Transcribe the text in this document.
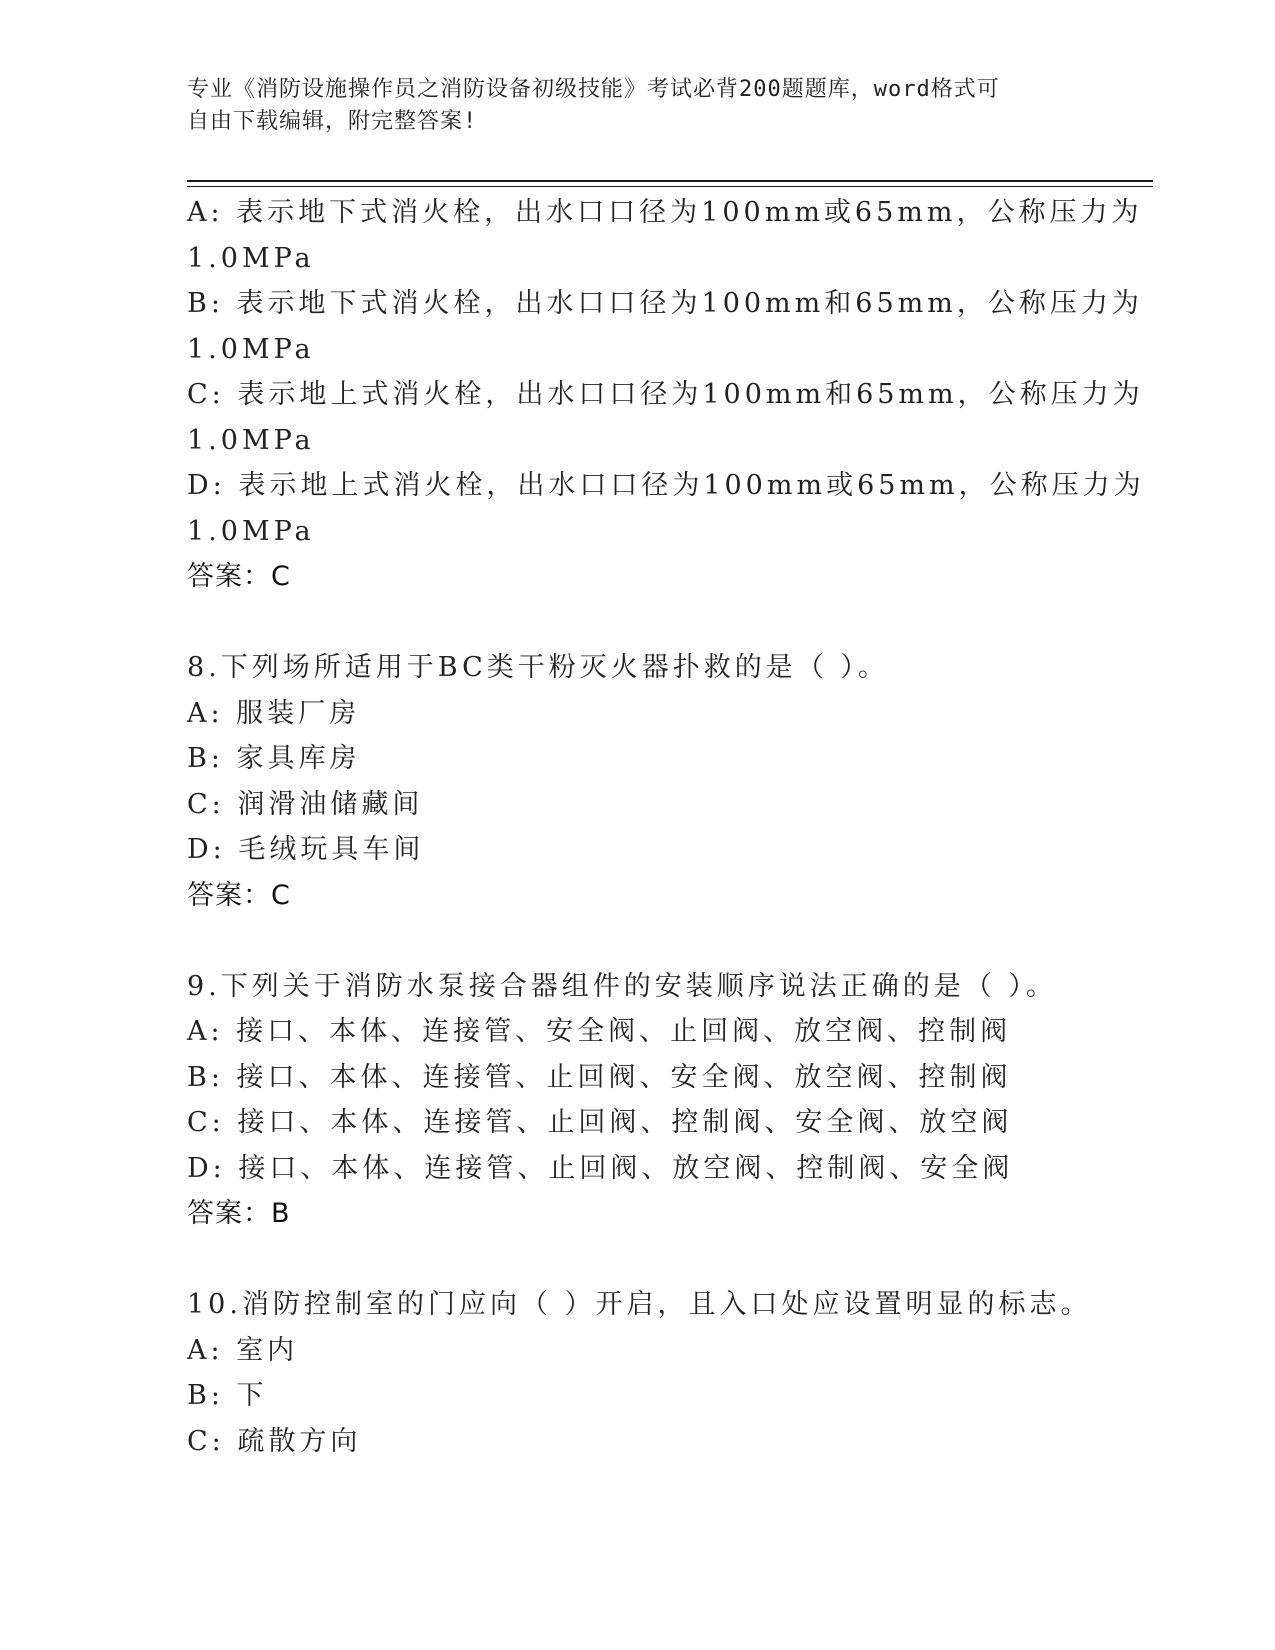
专业《消防设施操作员之消防设备初级技能》考试必背200题题库，word格式可
自由下载编辑，附完整答案!
A: 表示地下式消火栓，出水口口径为100mm或65mm，公称压力为
1.0MPa
B: 表示地下式消火栓，出水口口径为100mm和65mm，公称压力为
1.0MPa
C: 表示地上式消火栓，出水口口径为100mm和65mm，公称压力为
1.0MPa
D: 表示地上式消火栓，出水口口径为100mm或65mm，公称压力为
1.0MPa
答案：C
8.下列场所适用于BC类干粉灭火器扑救的是（ ）。
A: 服装厂房
B: 家具库房
C: 润滑油储藏间
D: 毛绒玩具车间
答案：C
9.下列关于消防水泵接合器组件的安装顺序说法正确的是（ ）。
A: 接口、本体、连接管、安全阀、止回阀、放空阀、控制阀
B: 接口、本体、连接管、止回阀、安全阀、放空阀、控制阀
C: 接口、本体、连接管、止回阀、控制阀、安全阀、放空阀
D: 接口、本体、连接管、止回阀、放空阀、控制阀、安全阀
答案：B
10.消防控制室的门应向（ ）开启，且入口处应设置明显的标志。
A: 室内
B: 下
C: 疏散方向
